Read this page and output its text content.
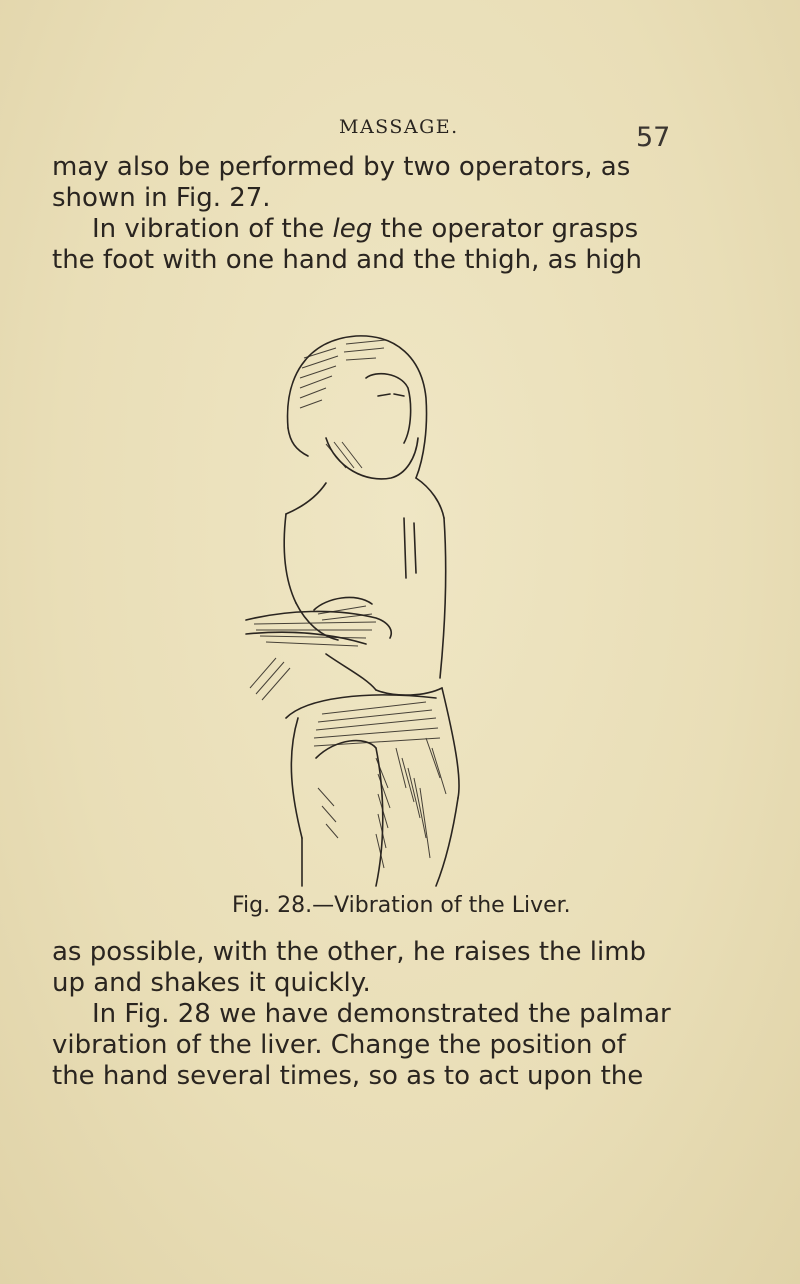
MASSAGE.	57
may also be performed by two operators, as
shown in Fig. 27.
In vibration of the leg the operator grasps
the foot with one hand and the thigh, as high
Fig. 28.—Vibration of the Liver.
as possible, with the other, he raises the limb
up and shakes it quickly.
In Fig. 28 we have demonstrated the palmar
vibration of the liver. Change the position of
the hand several times, so as to act upon the
